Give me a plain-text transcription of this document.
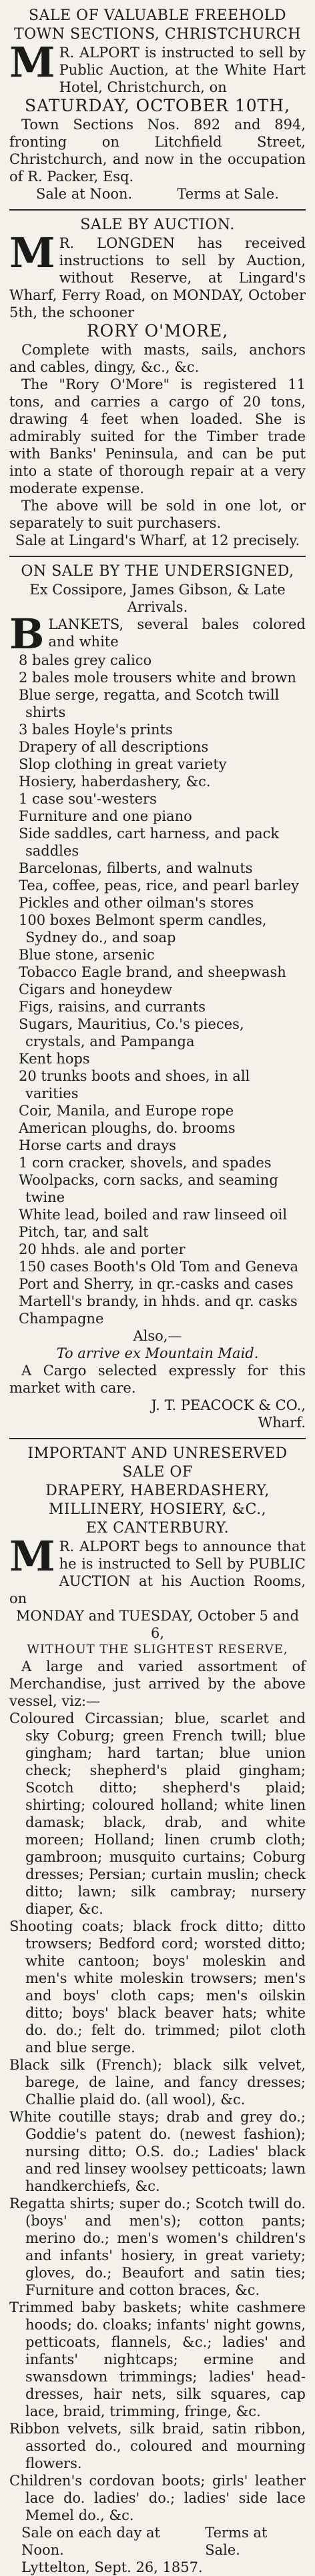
SALE OF VALUABLE FREEHOLD
TOWN SECTIONS, CHRISTCHURCH

M R. ALPORT is instructed to sell by Public Auction, at the White Hart Hotel, Christchurch, on

SATURDAY, OCTOBER 10TH,

Town Sections Nos. 892 and 894, fronting on Litchfield Street, Christchurch, and now in the occupation of R. Packer, Esq.

Sale at Noon.	Terms at Sale.
SALE BY AUCTION.

M R. LONGDEN has received instructions to sell by Auction, without Reserve, at Lingard's Wharf, Ferry Road, on MONDAY, October 5th, the schooner

RORY O'MORE,

Complete with masts, sails, anchors and cables, dingy, &c., &c.

The "Rory O'More" is registered 11 tons, and carries a cargo of 20 tons, drawing 4 feet when loaded. She is admirably suited for the Timber trade with Banks' Peninsula, and can be put into a state of thorough repair at a very moderate expense.

The above will be sold in one lot, or separately to suit purchasers.

Sale at Lingard's Wharf, at 12 precisely.
ON SALE BY THE UNDERSIGNED,
Ex Cossipore, James Gibson, & Late Arrivals.

BLANKETS, several bales colored and white

8 bales grey calico
2 bales mole trousers white and brown
Blue serge, regatta, and Scotch twill shirts
3 bales Hoyle's prints
Drapery of all descriptions
Slop clothing in great variety
Hosiery, haberdashery, &c.
1 case sou'-westers
Furniture and one piano
Side saddles, cart harness, and pack saddles
Barcelonas, filberts, and walnuts
Tea, coffee, peas, rice, and pearl barley
Pickles and other oilman's stores
100 boxes Belmont sperm candles, Sydney do., and soap
Blue stone, arsenic
Tobacco Eagle brand, and sheepwash
Cigars and honeydew
Figs, raisins, and currants
Sugars, Mauritius, Co.'s pieces, crystals, and Pampanga
Kent hops
20 trunks boots and shoes, in all varities
Coir, Manila, and Europe rope
American ploughs, do. brooms
Horse carts and drays
1 corn cracker, shovels, and spades
Woolpacks, corn sacks, and seaming twine
White lead, boiled and raw linseed oil
Pitch, tar, and salt
20 hhds. ale and porter
150 cases Booth's Old Tom and Geneva
Port and Sherry, in qr.-casks and cases
Martell's brandy, in hhds. and qr. casks
Champagne
Also,—
To arrive ex Mountain Maid.

A Cargo selected expressly for this market with care.

J. T. PEACOCK & CO.,
Wharf.
IMPORTANT AND UNRESERVED
SALE OF
DRAPERY, HABERDASHERY, MILLINERY, HOSIERY, &C.,
EX CANTERBURY.

M R. ALPORT begs to announce that he is instructed to Sell by PUBLIC AUCTION at his Auction Rooms, on

MONDAY and TUESDAY, October 5 and 6,
WITHOUT THE SLIGHTEST RESERVE,

A large and varied assortment of Merchandise, just arrived by the above vessel, viz:—

Coloured Circassian; blue, scarlet and sky Coburg; green French twill; blue gingham; hard tartan; blue union check; shepherd's plaid gingham; Scotch ditto; shepherd's plaid; shirting; coloured holland; white linen damask; black, drab, and white moreen; Holland; linen crumb cloth; gambroon; musquito curtains; Coburg dresses; Persian; curtain muslin; check ditto; lawn; silk cambray; nursery diaper, &c.
Shooting coats; black frock ditto; ditto trowsers; Bedford cord; worsted ditto; white cantoon; boys' moleskin and men's white moleskin trowsers; men's and boys' cloth caps; men's oilskin ditto; boys' black beaver hats; white do. do.; felt do. trimmed; pilot cloth and blue serge.
Black silk (French); black silk velvet, barege, de laine, and fancy dresses; Challie plaid do. (all wool), &c.
White coutille stays; drab and grey do.; Goddie's patent do. (newest fashion); nursing ditto; O.S. do.; Ladies' black and red linsey woolsey petticoats; lawn handkerchiefs, &c.
Regatta shirts; super do.; Scotch twill do. (boys' and men's); cotton pants; merino do.; men's women's children's and infants' hosiery, in great variety; gloves, do.; Beaufort and satin ties; Furniture and cotton braces, &c.
Trimmed baby baskets; white cashmere hoods; do. cloaks; infants' night gowns, petticoats, flannels, &c.; ladies' and infants' nightcaps; ermine and swansdown trimmings; ladies' head-dresses, hair nets, silk squares, cap lace, braid, trimming, fringe, &c.
Ribbon velvets, silk braid, satin ribbon, assorted do., coloured and mourning flowers.
Children's cordovan boots; girls' leather lace do. ladies' do.; ladies' side lace Memel do., &c.
Sale on each day at Noon.
Terms at Sale.
Lyttelton, Sept. 26, 1857.
